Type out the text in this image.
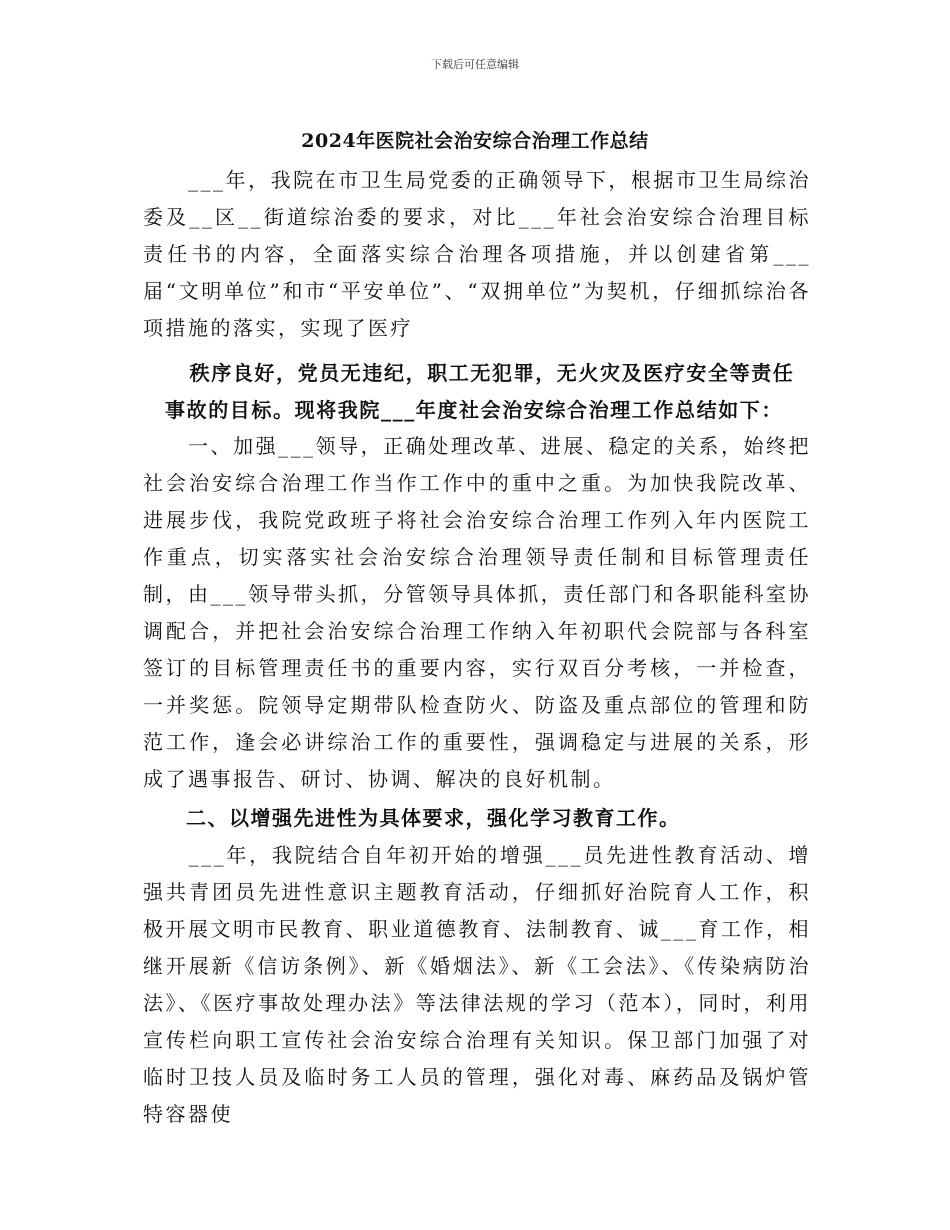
下载后可任意编辑
2024年医院社会治安综合治理工作总结
　　___年，我院在市卫生局党委的正确领导下，根据市卫生局综治委及__区__街道综治委的要求，对比___年社会治安综合治理目标责任书的内容，全面落实综合治理各项措施，并以创建省第___届“文明单位”和市“平安单位”、“双拥单位”为契机，仔细抓综治各项措施的落实，实现了医疗
　秩序良好，党员无违纪，职工无犯罪，无火灾及医疗安全等责任
事故的目标。现将我院___年度社会治安综合治理工作总结如下：
　　一、加强___领导，正确处理改革、进展、稳定的关系，始终把社会治安综合治理工作当作工作中的重中之重。为加快我院改革、进展步伐，我院党政班子将社会治安综合治理工作列入年内医院工作重点，切实落实社会治安综合治理领导责任制和目标管理责任制，由___领导带头抓，分管领导具体抓，责任部门和各职能科室协调配合，并把社会治安综合治理工作纳入年初职代会院部与各科室签订的目标管理责任书的重要内容，实行双百分考核，一并检查，一并奖惩。院领导定期带队检查防火、防盗及重点部位的管理和防范工作，逢会必讲综治工作的重要性，强调稳定与进展的关系，形成了遇事报告、研讨、协调、解决的良好机制。
　　二、以增强先进性为具体要求，强化学习教育工作。
　　___年，我院结合自年初开始的增强___员先进性教育活动、增强共青团员先进性意识主题教育活动，仔细抓好治院育人工作，积极开展文明市民教育、职业道德教育、法制教育、诚___育工作，相继开展新《信访条例》、新《婚烟法》、新《工会法》、《传染病防治法》、《医疗事故处理办法》等法律法规的学习（范本），同时，利用宣传栏向职工宣传社会治安综合治理有关知识。保卫部门加强了对临时卫技人员及临时务工人员的管理，强化对毒、麻药品及锅炉管特容器使
